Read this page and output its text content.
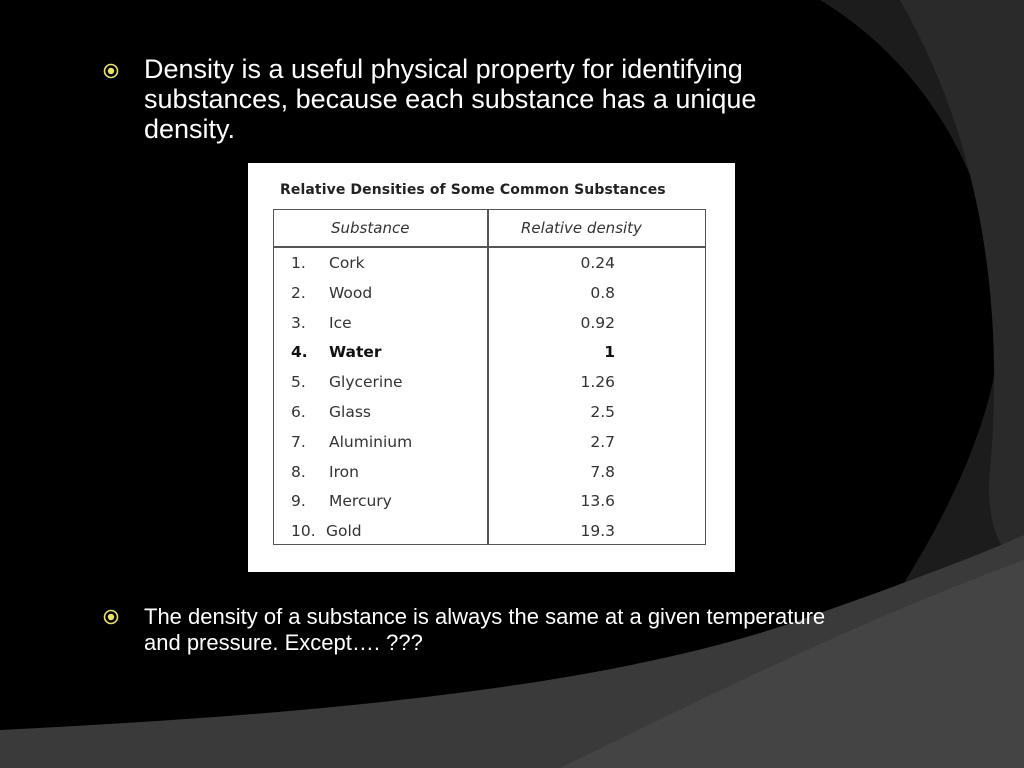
Density is a useful physical property for identifying substances, because each substance has a unique density.
Relative Densities of Some Common Substances
Substance	Relative density
1. Cork	0.24
2. Wood	0.8
3. Ice	0.92
4. Water	1
5. Glycerine	1.26
6. Glass	2.5
7. Aluminium	2.7
8. Iron	7.8
9. Mercury	13.6
10. Gold	19.3
The density of a substance is always the same at a given temperature and pressure. Except…. ???
